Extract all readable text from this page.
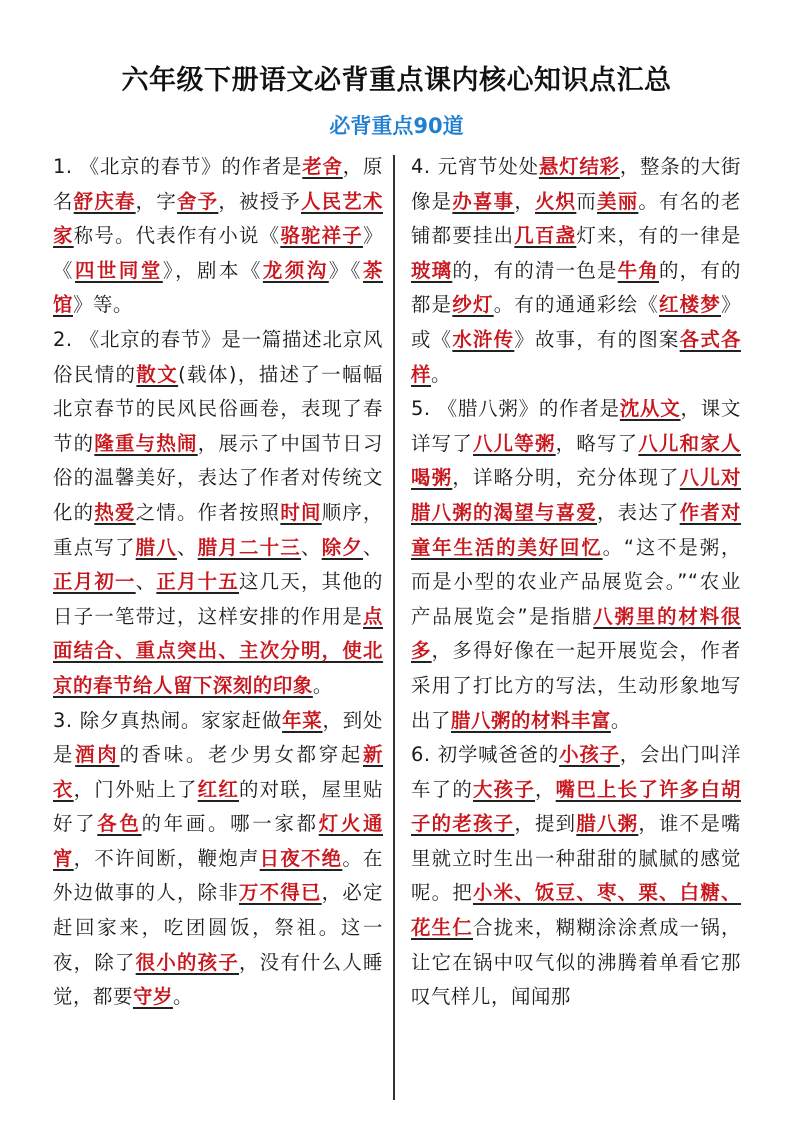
六年级下册语文必背重点课内核心知识点汇总
必背重点90道

1. 《北京的春节》的作者是老舍，原名舒庆春，字舍予，被授予人民艺术家称号。代表作有小说《骆驼祥子》《四世同堂》，剧本《龙须沟》《茶馆》等。

2. 《北京的春节》是一篇描述北京风俗民情的散文(载体)，描述了一幅幅北京春节的民风民俗画卷，表现了春节的隆重与热闹，展示了中国节日习俗的温馨美好，表达了作者对传统文化的热爱之情。作者按照时间顺序，重点写了腊八、腊月二十三、除夕、正月初一、正月十五这几天，其他的日子一笔带过，这样安排的作用是点面结合、重点突出、主次分明，使北京的春节给人留下深刻的印象。

3. 除夕真热闹。家家赶做年菜，到处是酒肉的香味。老少男女都穿起新衣，门外贴上了红红的对联，屋里贴好了各色的年画。哪一家都灯火通宵，不许间断，鞭炮声日夜不绝。在外边做事的人，除非万不得已，必定赶回家来，吃团圆饭，祭祖。这一夜，除了很小的孩子，没有什么人睡觉，都要守岁。

4. 元宵节处处悬灯结彩，整条的大街像是办喜事，火炽而美丽。有名的老铺都要挂出几百盏灯来，有的一律是玻璃的，有的清一色是牛角的，有的都是纱灯。有的通通彩绘《红楼梦》或《水浒传》故事，有的图案各式各样。

5. 《腊八粥》的作者是沈从文，课文详写了八儿等粥，略写了八儿和家人喝粥，详略分明，充分体现了八儿对腊八粥的渴望与喜爱，表达了作者对童年生活的美好回忆。“这不是粥，而是小型的农业产品展览会。”“农业产品展览会”是指腊八粥里的材料很多，多得好像在一起开展览会，作者采用了打比方的写法，生动形象地写出了腊八粥的材料丰富。

6. 初学喊爸爸的小孩子，会出门叫洋车了的大孩子，嘴巴上长了许多白胡子的老孩子，提到腊八粥，谁不是嘴里就立时生出一种甜甜的腻腻的感觉呢。把小米、饭豆、枣、栗、白糖、花生仁合拢来，糊糊涂涂煮成一锅，让它在锅中叹气似的沸腾着单看它那叹气样儿，闻闻那
